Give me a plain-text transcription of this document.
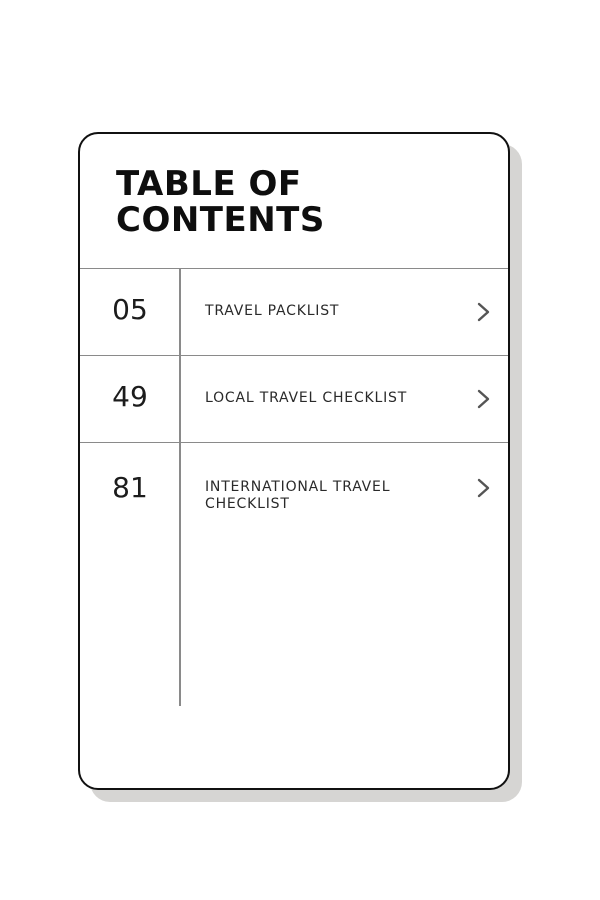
TABLE OF
CONTENTS
05	TRAVEL PACKLIST
49	LOCAL TRAVEL CHECKLIST
81	INTERNATIONAL TRAVEL CHECKLIST
